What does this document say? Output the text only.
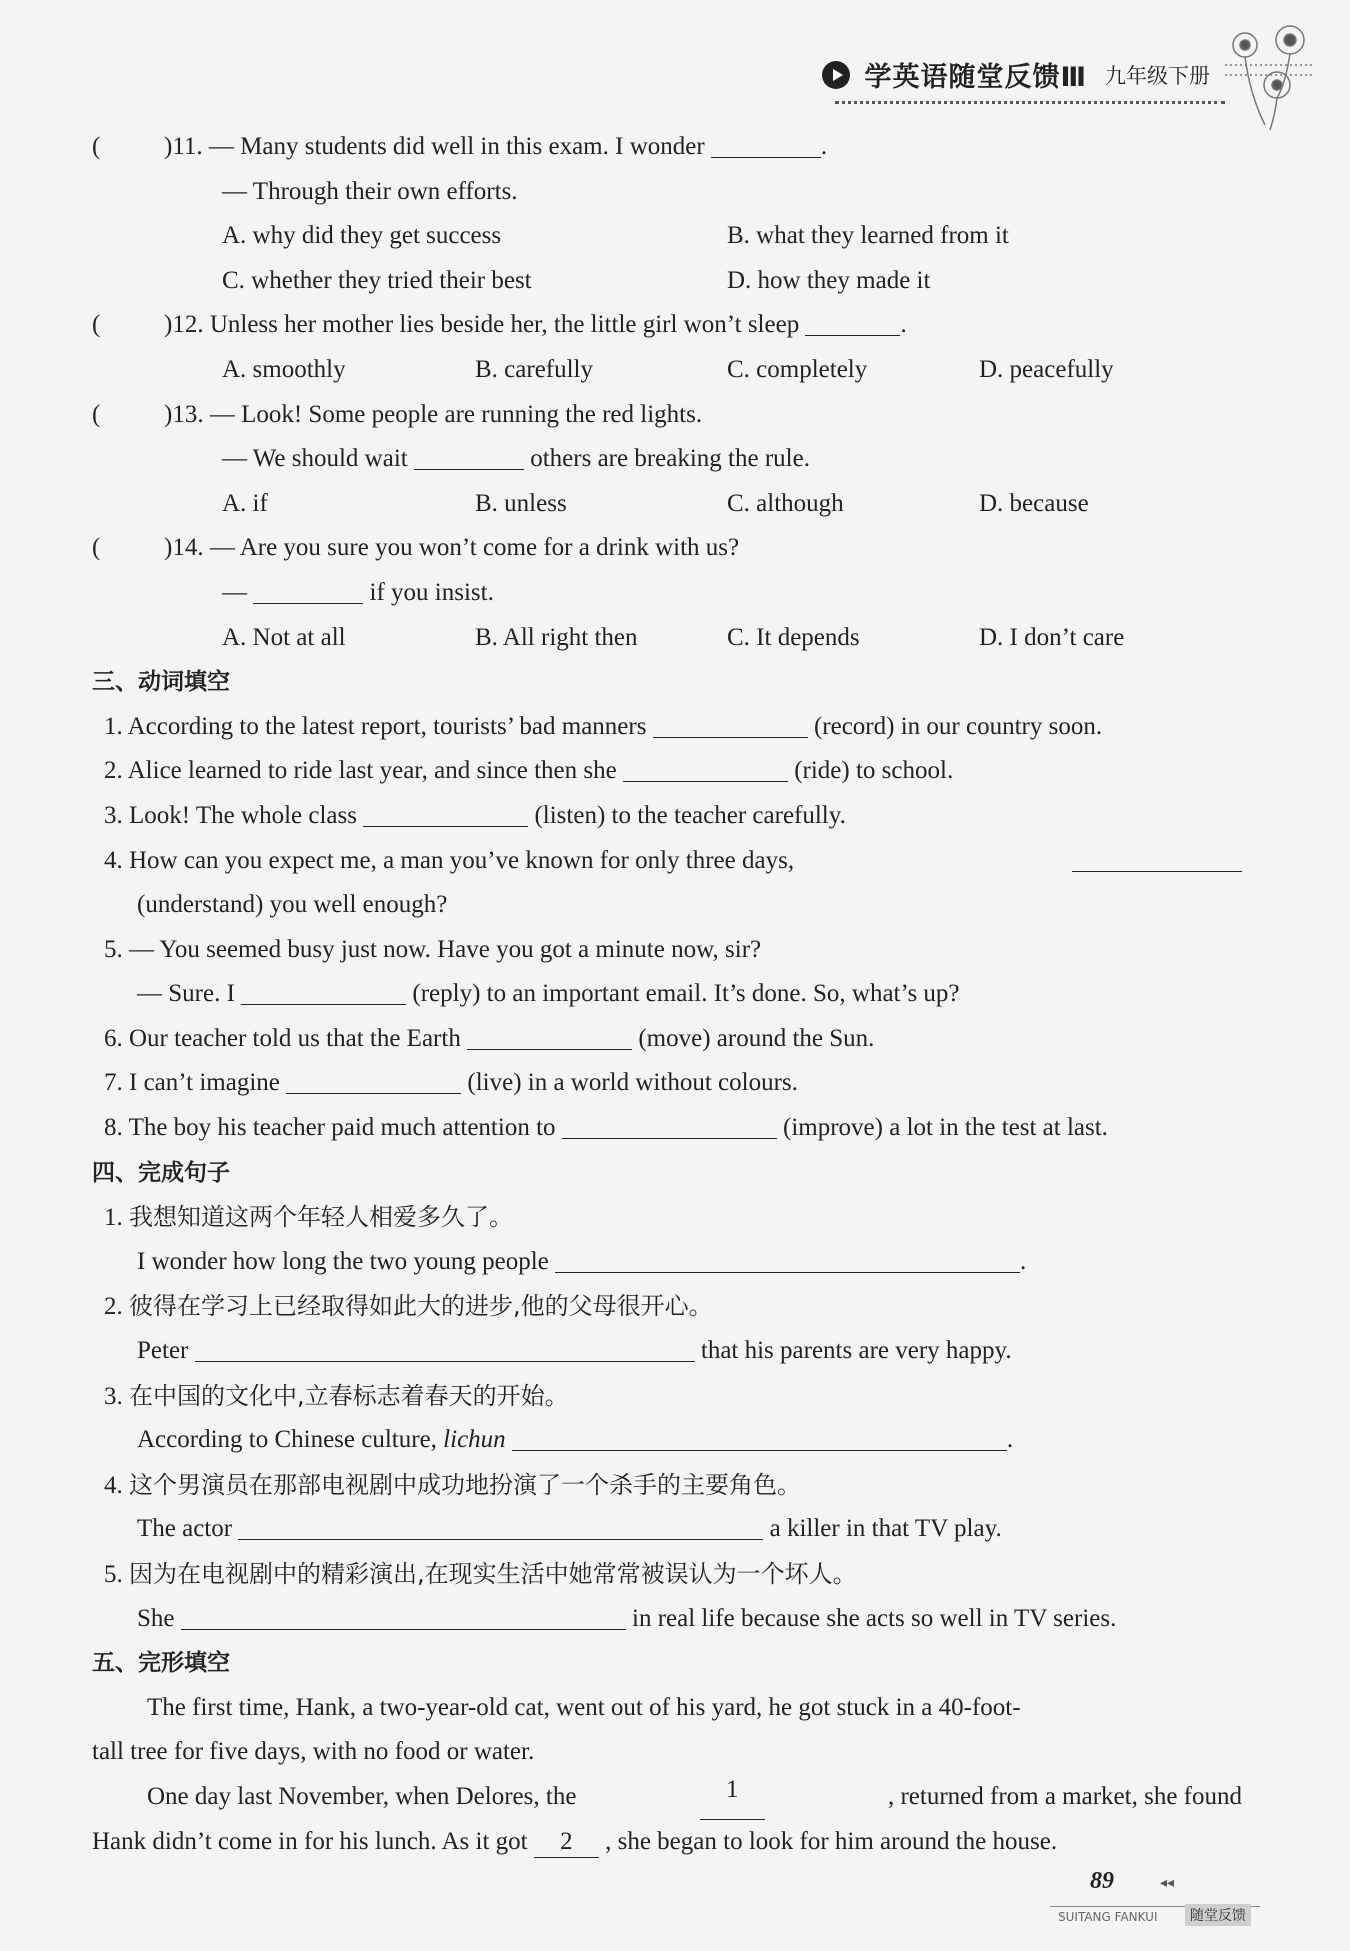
学英语随堂反馈Ⅲ 九年级下册
(	)11. — Many students did well in this exam. I wonder	.
— Through their own efforts.
A. why did they get success	B. what they learned from it
C. whether they tried their best	D. how they made it
(	)12. Unless her mother lies beside her, the little girl won’t sleep	.
A. smoothly	B. carefully	C. completely	D. peacefully
(	)13. — Look! Some people are running the red lights.
— We should wait	others are breaking the rule.
A. if	B. unless	C. although	D. because
(	)14. — Are you sure you won’t come for a drink with us?
—	if you insist.
A. Not at all	B. All right then	C. It depends	D. I don’t care
三、动词填空
1. According to the latest report, tourists’ bad manners	(record) in our country soon.
2. Alice learned to ride last year, and since then she	(ride) to school.
3. Look! The whole class	(listen) to the teacher carefully.
4. How can you expect me, a man you’ve known for only three days,
(understand) you well enough?
5. — You seemed busy just now. Have you got a minute now, sir?
— Sure. I	(reply) to an important email. It’s done. So, what’s up?
6. Our teacher told us that the Earth	(move) around the Sun.
7. I can’t imagine	(live) in a world without colours.
8. The boy his teacher paid much attention to	(improve) a lot in the test at last.
四、完成句子
1. 我想知道这两个年轻人相爱多久了。
I wonder how long the two young people	.
2. 彼得在学习上已经取得如此大的进步,他的父母很开心。
Peter	that his parents are very happy.
3. 在中国的文化中,立春标志着春天的开始。
According to Chinese culture, lichun	.
4. 这个男演员在那部电视剧中成功地扮演了一个杀手的主要角色。
The actor	a killer in that TV play.
5. 因为在电视剧中的精彩演出,在现实生活中她常常被误认为一个坏人。
She	in real life because she acts so well in TV series.
五、完形填空
The first time, Hank, a two-year-old cat, went out of his yard, he got stuck in a 40-foot-
tall tree for five days, with no food or water.
One day last November, when Delores, the	1	, returned from a market, she found
Hank didn’t come in for his lunch. As it got 2 , she began to look for him around the house.
89	◂◂
SUITANG FANKUI	随堂反馈
